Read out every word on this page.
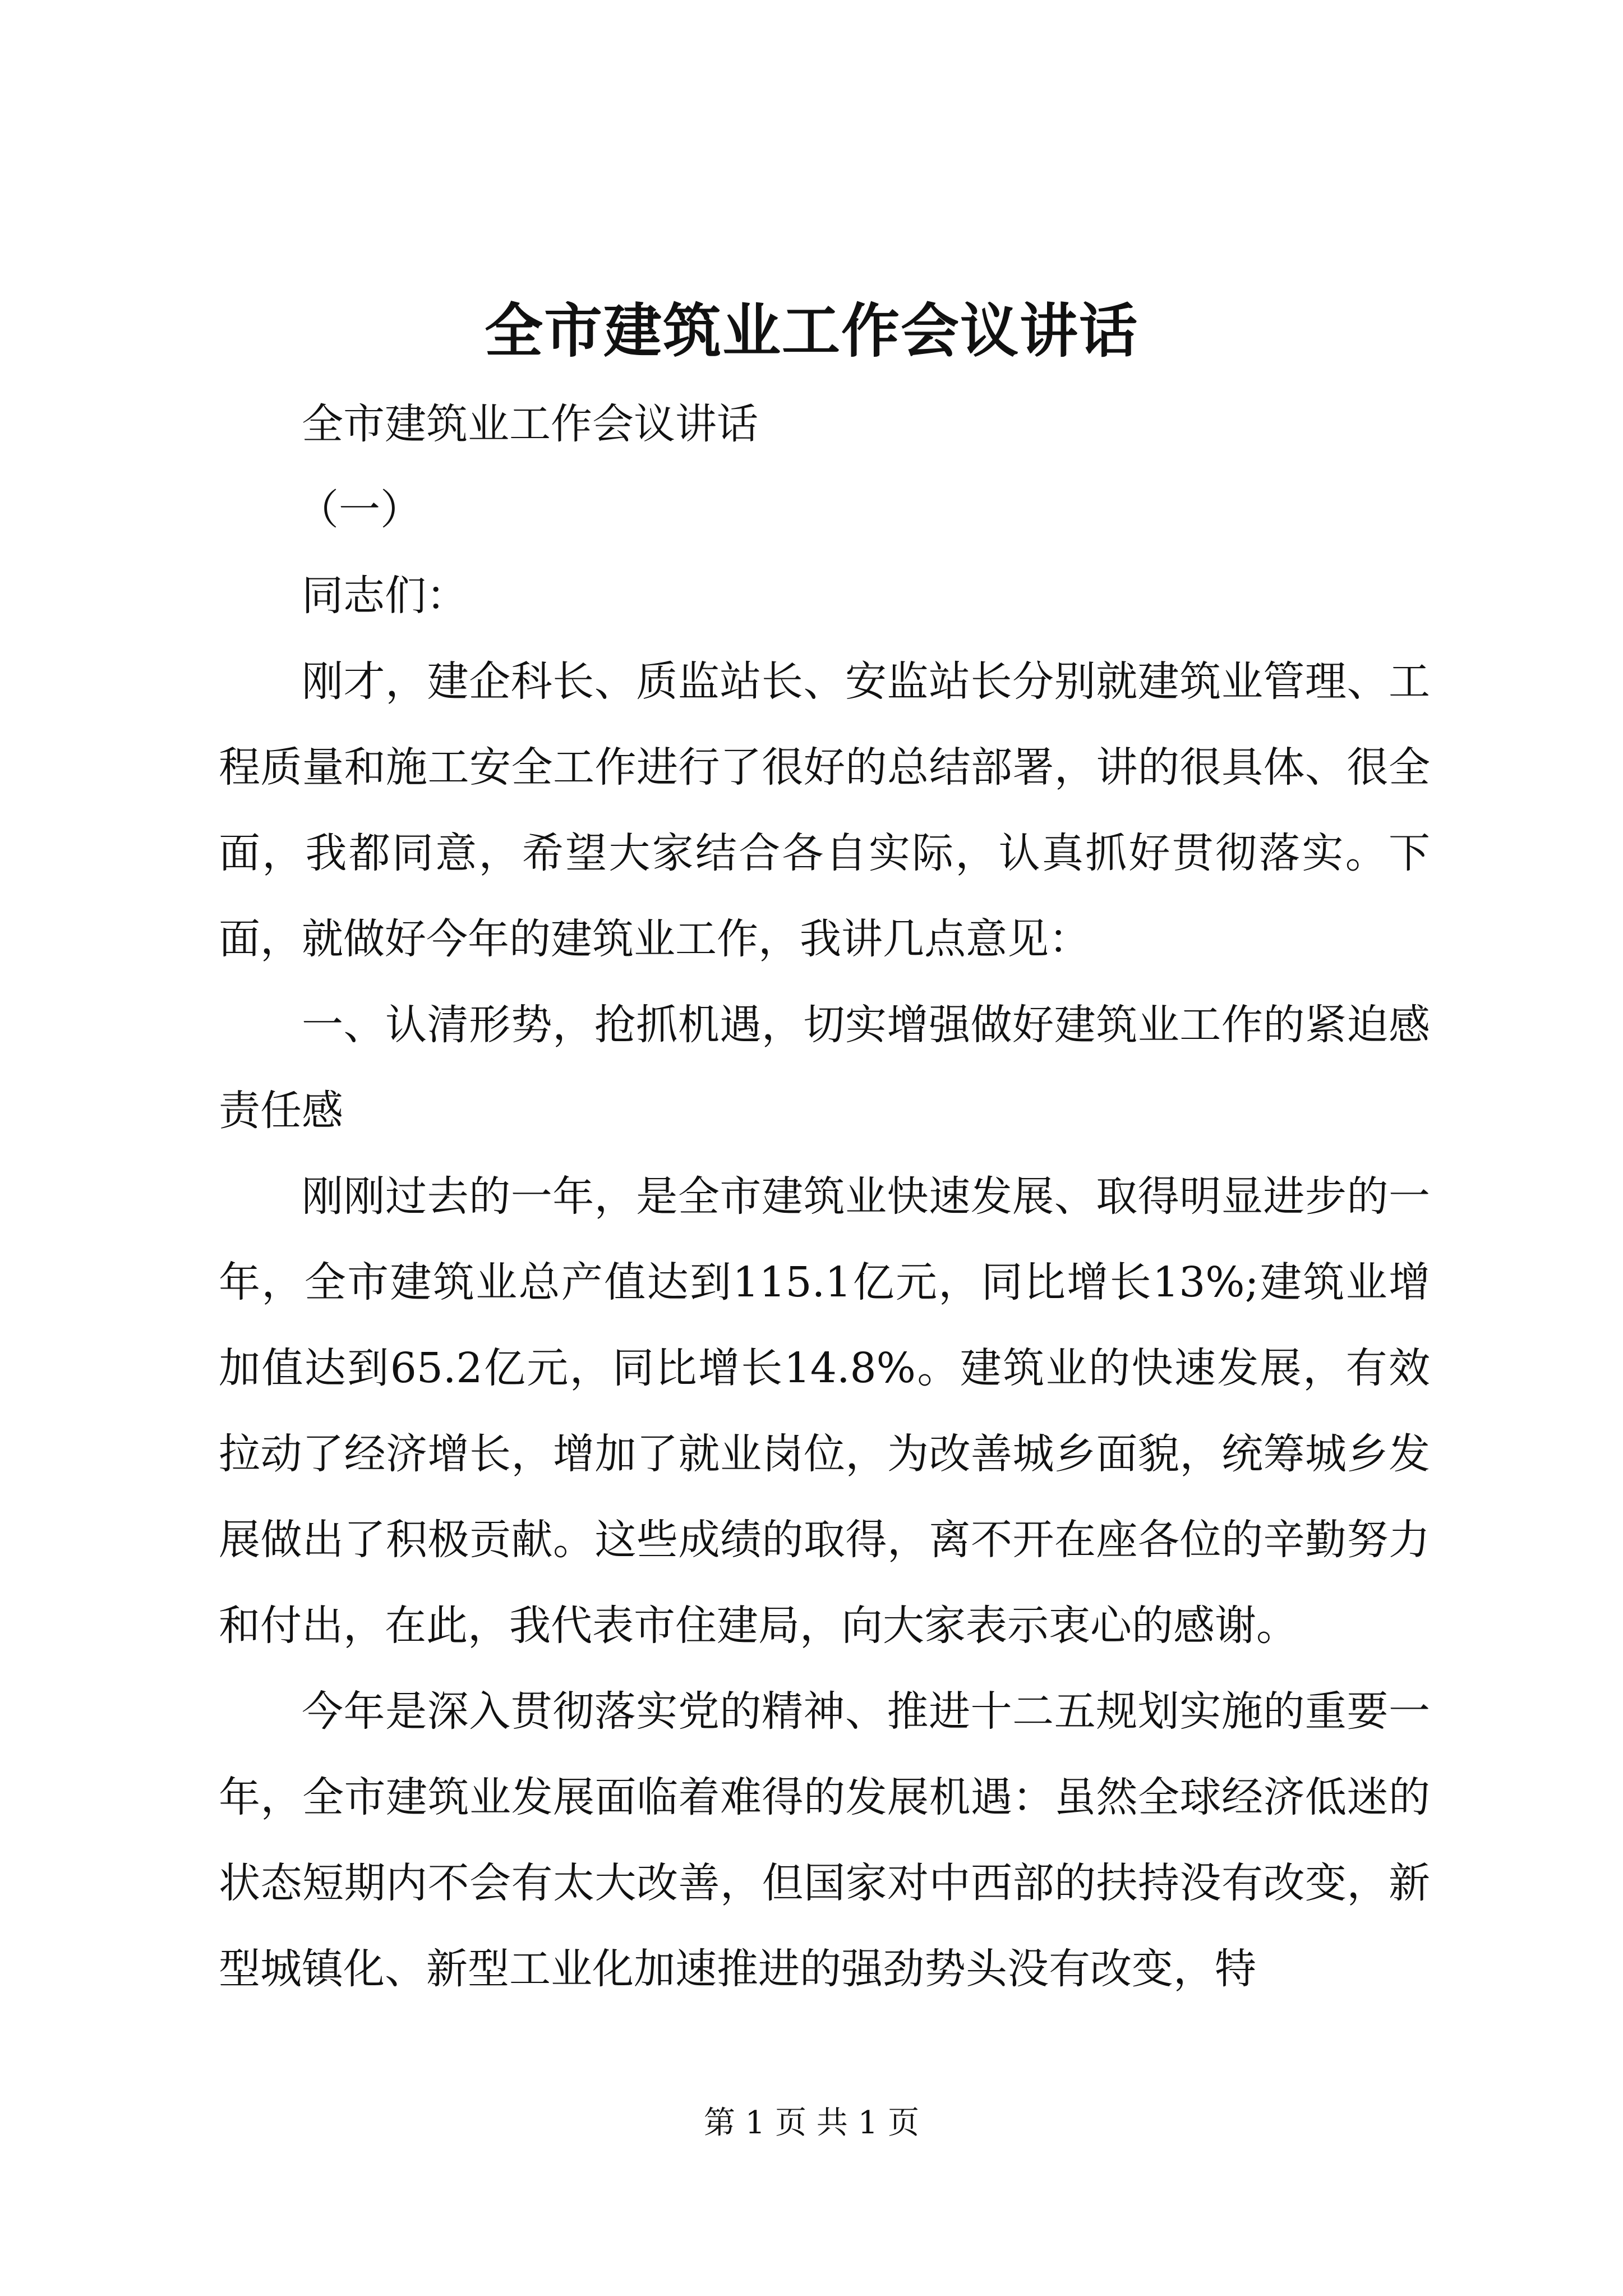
全市建筑业工作会议讲话

全市建筑业工作会议讲话

（一）

同志们：

刚才，建企科长、质监站长、安监站长分别就建筑业管理、工程质量和施工安全工作进行了很好的总结部署，讲的很具体、很全面，我都同意，希望大家结合各自实际，认真抓好贯彻落实。下面，就做好今年的建筑业工作，我讲几点意见：

一、认清形势，抢抓机遇，切实增强做好建筑业工作的紧迫感责任感

刚刚过去的一年，是全市建筑业快速发展、取得明显进步的一年，全市建筑业总产值达到115.1亿元，同比增长13%;建筑业增加值达到65.2亿元，同比增长14.8%。建筑业的快速发展，有效拉动了经济增长，增加了就业岗位，为改善城乡面貌，统筹城乡发展做出了积极贡献。这些成绩的取得，离不开在座各位的辛勤努力和付出，在此，我代表市住建局，向大家表示衷心的感谢。

今年是深入贯彻落实党的精神、推进十二五规划实施的重要一年，全市建筑业发展面临着难得的发展机遇：虽然全球经济低迷的状态短期内不会有太大改善，但国家对中西部的扶持没有改变，新型城镇化、新型工业化加速推进的强劲势头没有改变，特

第 1 页 共 1 页
